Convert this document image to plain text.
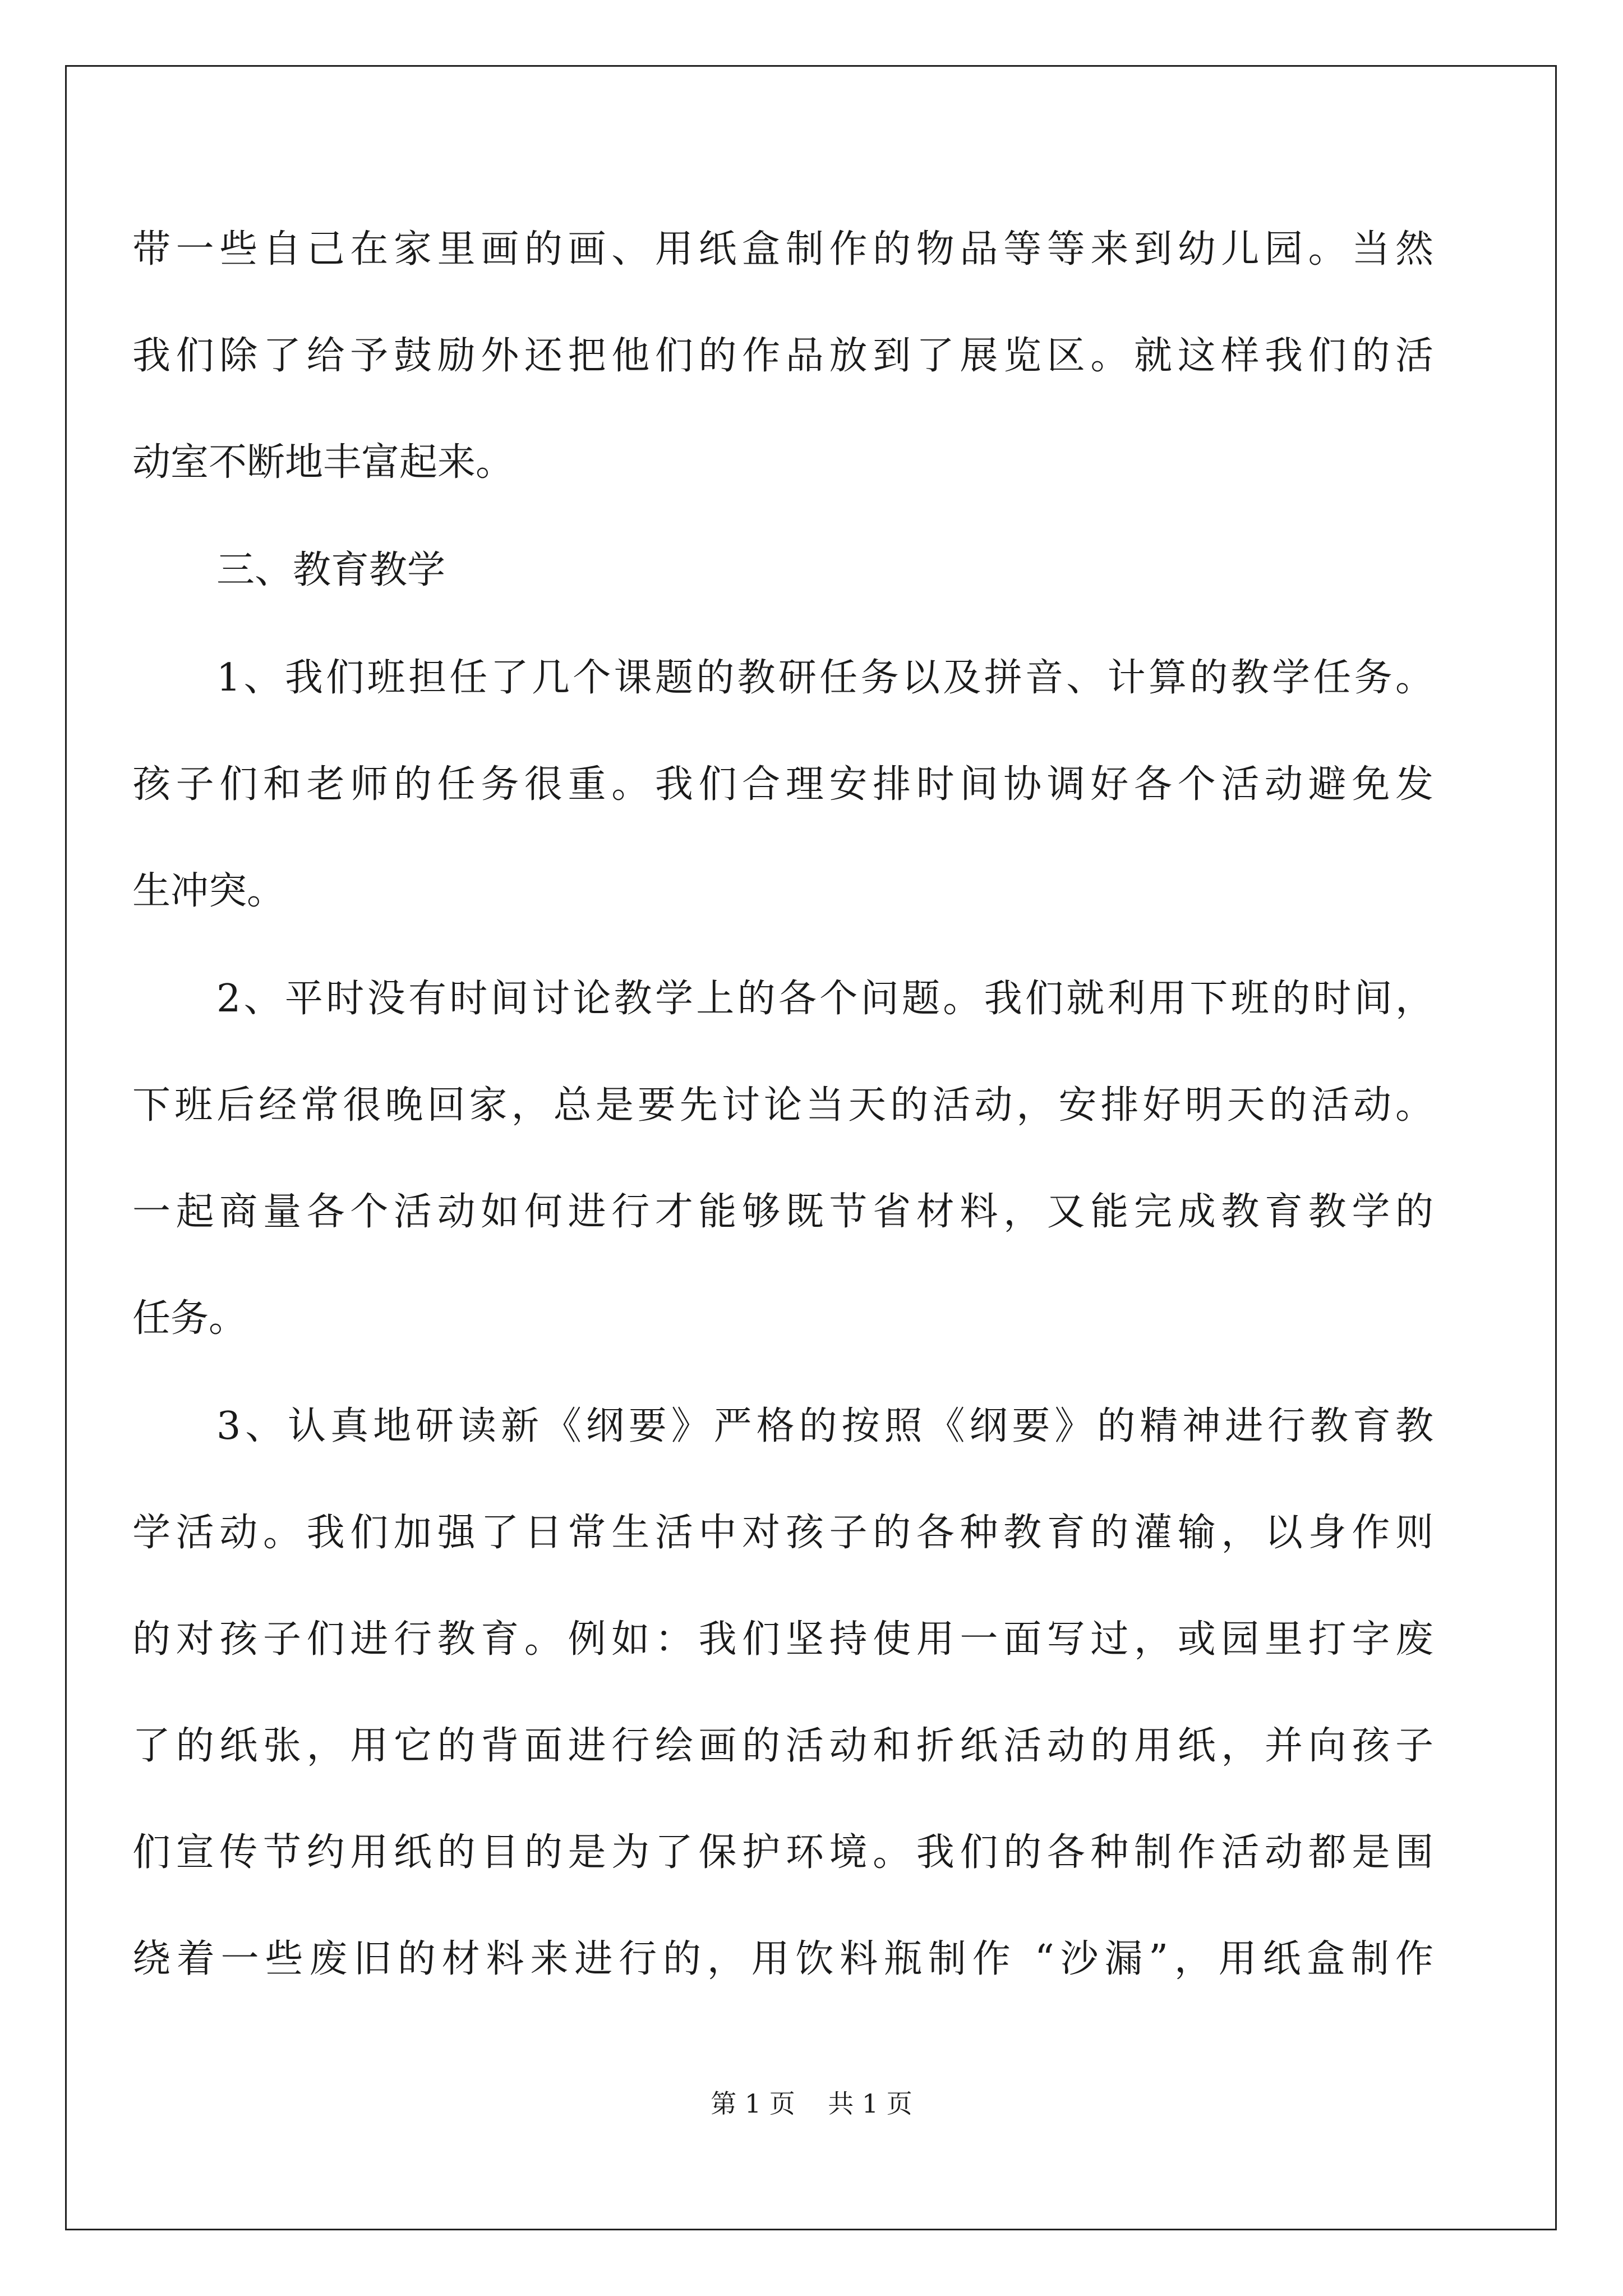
带一些自己在家里画的画、用纸盒制作的物品等等来到幼儿园。当然
我们除了给予鼓励外还把他们的作品放到了展览区。就这样我们的活
动室不断地丰富起来。
三、教育教学
1、我们班担任了几个课题的教研任务以及拼音、计算的教学任务。
孩子们和老师的任务很重。我们合理安排时间协调好各个活动避免发
生冲突。
2、平时没有时间讨论教学上的各个问题。我们就利用下班的时间，
下班后经常很晚回家，总是要先讨论当天的活动，安排好明天的活动。
一起商量各个活动如何进行才能够既节省材料，又能完成教育教学的
任务。
3、认真地研读新《纲要》严格的按照《纲要》的精神进行教育教
学活动。我们加强了日常生活中对孩子的各种教育的灌输，以身作则
的对孩子们进行教育。例如：我们坚持使用一面写过，或园里打字废
了的纸张，用它的背面进行绘画的活动和折纸活动的用纸，并向孩子
们宣传节约用纸的目的是为了保护环境。我们的各种制作活动都是围
绕着一些废旧的材料来进行的，用饮料瓶制作 “沙漏”，用纸盒制作
第 1 页 共 1 页
